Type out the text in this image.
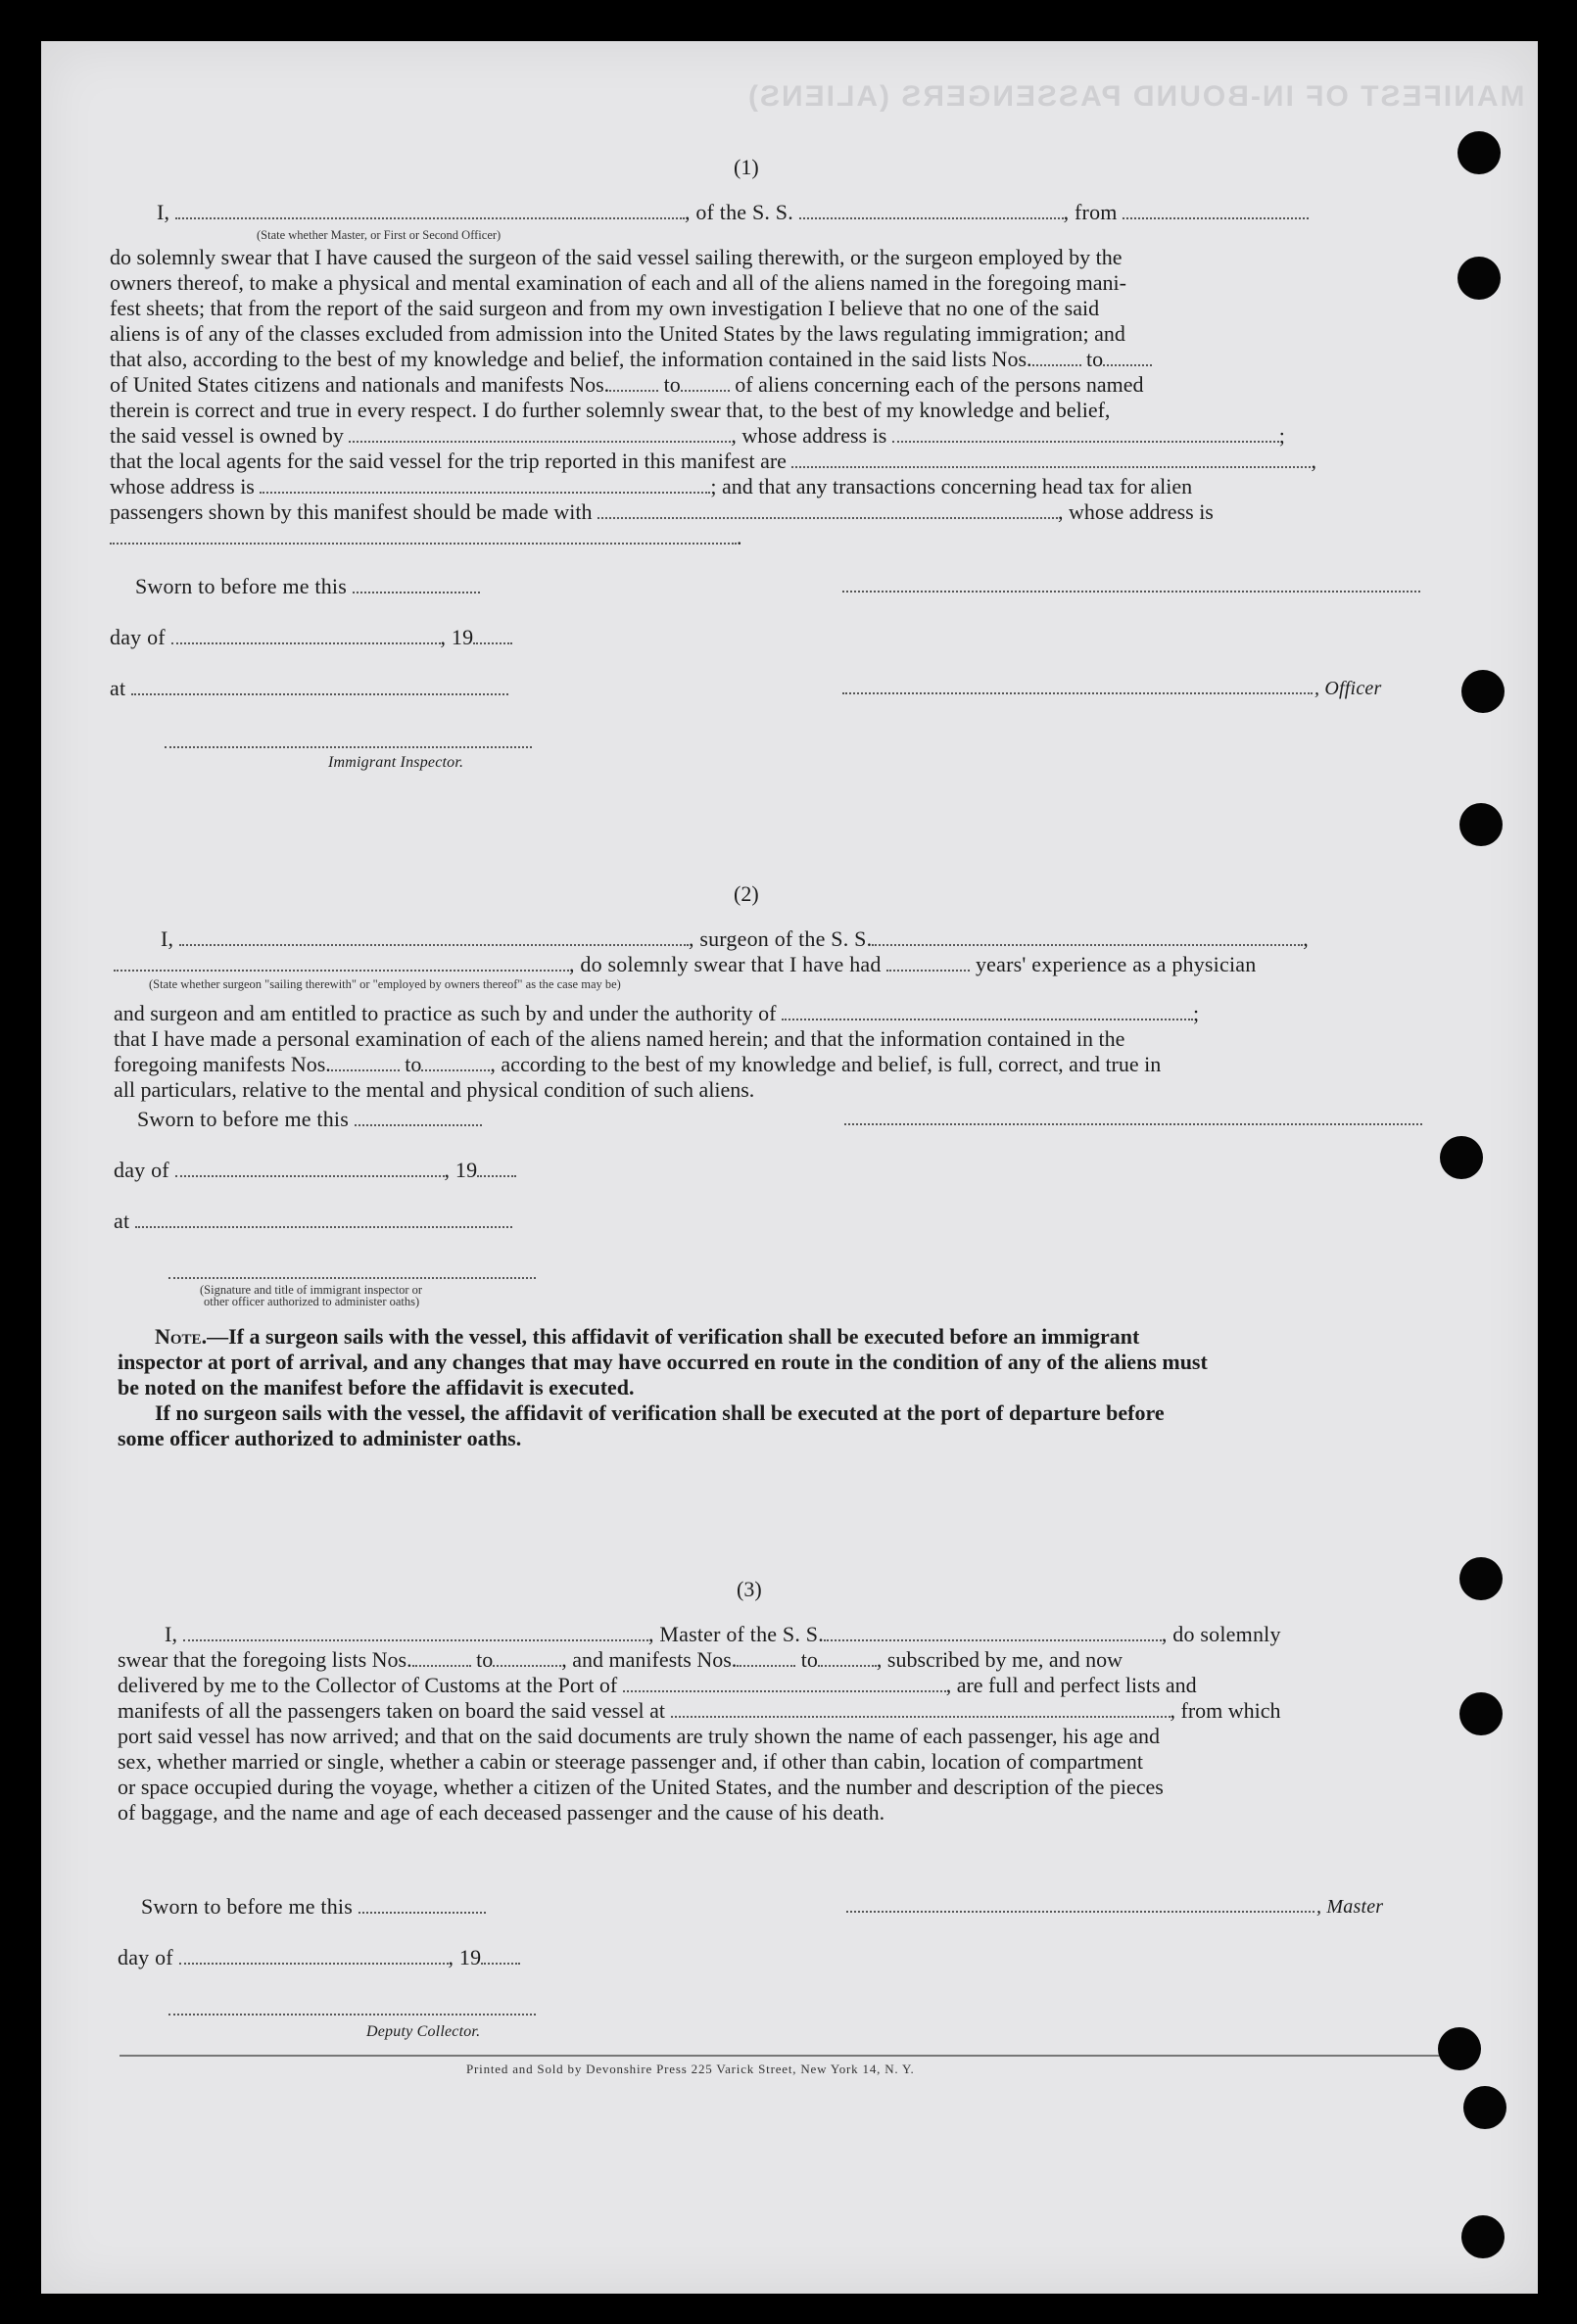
MANIFEST OF IN-BOUND PASSENGERS (ALIENS)
(1)
I,	, of the S. S.	, from
(State whether Master, or First or Second Officer)
do solemnly swear that I have caused the surgeon of the said vessel sailing therewith, or the surgeon employed by the
owners thereof, to make a physical and mental examination of each and all of the aliens named in the foregoing mani-
fest sheets; that from the report of the said surgeon and from my own investigation I believe that no one of the said
aliens is of any of the classes excluded from admission into the United States by the laws regulating immigration; and
that also, according to the best of my knowledge and belief, the information contained in the said lists Nos.	to
of United States citizens and nationals and manifests Nos.	to	of aliens concerning each of the persons named
therein is correct and true in every respect. I do further solemnly swear that, to the best of my knowledge and belief,
the said vessel is owned by	, whose address is	;
that the local agents for the said vessel for the trip reported in this manifest are	,
whose address is	; and that any transactions concerning head tax for alien
passengers shown by this manifest should be made with	, whose address is
.
Sworn to before me this
day of	, 19
at	, Officer
Immigrant Inspector.
(2)
I,	, surgeon of the S. S.	,
, do solemnly swear that I have had	years' experience as a physician
(State whether surgeon "sailing therewith" or "employed by owners thereof" as the case may be)
and surgeon and am entitled to practice as such by and under the authority of	;
that I have made a personal examination of each of the aliens named herein; and that the information contained in the
foregoing manifests Nos.	to	, according to the best of my knowledge and belief, is full, correct, and true in
all particulars, relative to the mental and physical condition of such aliens.
Sworn to before me this
day of	, 19
at
(Signature and title of immigrant inspector or
other officer authorized to administer oaths)
Note.—If a surgeon sails with the vessel, this affidavit of verification shall be executed before an immigrant
inspector at port of arrival, and any changes that may have occurred en route in the condition of any of the aliens must
be noted on the manifest before the affidavit is executed.
If no surgeon sails with the vessel, the affidavit of verification shall be executed at the port of departure before
some officer authorized to administer oaths.
(3)
I,	, Master of the S. S.	, do solemnly
swear that the foregoing lists Nos.	to	, and manifests Nos.	to	, subscribed by me, and now
delivered by me to the Collector of Customs at the Port of	, are full and perfect lists and
manifests of all the passengers taken on board the said vessel at	, from which
port said vessel has now arrived; and that on the said documents are truly shown the name of each passenger, his age and
sex, whether married or single, whether a cabin or steerage passenger and, if other than cabin, location of compartment
or space occupied during the voyage, whether a citizen of the United States, and the number and description of the pieces
of baggage, and the name and age of each deceased passenger and the cause of his death.
Sworn to before me this	, Master
day of	, 19
Deputy Collector.
Printed and Sold by Devonshire Press 225 Varick Street, New York 14, N. Y.
